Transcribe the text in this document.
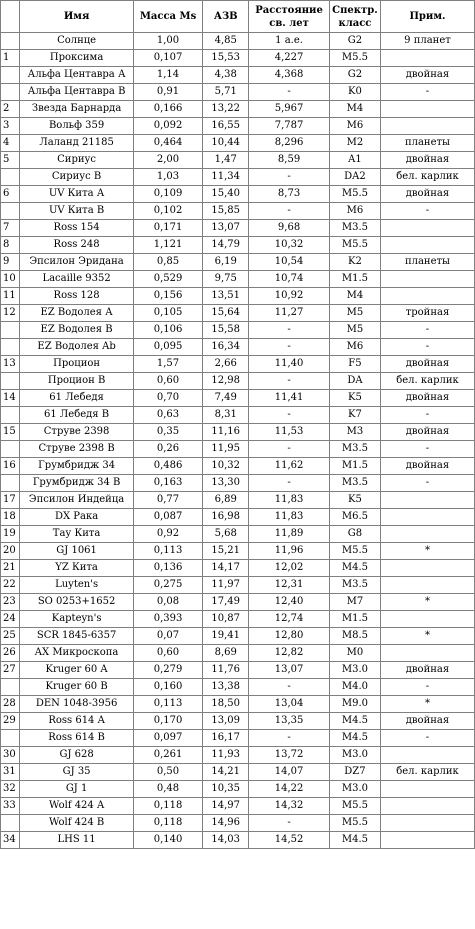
	Имя	Масса Ms	АЗВ	Расстояние св. лет	Спектр. класс	Прим.
	Солнце	1,00	4,85	1 а.е.	G2	9 планет
1	Проксима	0,107	15,53	4,227	M5.5	
	Альфа Центавра А	1,14	4,38	4,368	G2	двойная
	Альфа Центавра В	0,91	5,71	-	K0	-
2	Звезда Барнарда	0,166	13,22	5,967	M4	
3	Вольф 359	0,092	16,55	7,787	M6	
4	Лаланд 21185	0,464	10,44	8,296	M2	планеты
5	Сириус	2,00	1,47	8,59	A1	двойная
	Сириус В	1,03	11,34	-	DA2	бел. карлик
6	UV Кита А	0,109	15,40	8,73	M5.5	двойная
	UV Кита В	0,102	15,85	-	M6	-
7	Ross 154	0,171	13,07	9,68	M3.5	
8	Ross 248	1,121	14,79	10,32	M5.5	
9	Эпсилон Эридана	0,85	6,19	10,54	K2	планеты
10	Lacaille 9352	0,529	9,75	10,74	M1.5	
11	Ross 128	0,156	13,51	10,92	M4	
12	EZ Водолея А	0,105	15,64	11,27	M5	тройная
	EZ Водолея В	0,106	15,58	-	M5	-
	EZ Водолея Ab	0,095	16,34	-	M6	-
13	Процион	1,57	2,66	11,40	F5	двойная
	Процион В	0,60	12,98	-	DA	бел. карлик
14	61 Лебедя	0,70	7,49	11,41	K5	двойная
	61 Лебедя В	0,63	8,31	-	K7	-
15	Струве 2398	0,35	11,16	11,53	M3	двойная
	Струве 2398 В	0,26	11,95	-	M3.5	-
16	Грумбридж 34	0,486	10,32	11,62	M1.5	двойная
	Грумбридж 34 В	0,163	13,30	-	M3.5	-
17	Эпсилон Индейца	0,77	6,89	11,83	K5	
18	DX Рака	0,087	16,98	11,83	M6.5	
19	Тау Кита	0,92	5,68	11,89	G8	
20	GJ 1061	0,113	15,21	11,96	M5.5	*
21	YZ Кита	0,136	14,17	12,02	M4.5	
22	Luyten's	0,275	11,97	12,31	M3.5	
23	SO 0253+1652	0,08	17,49	12,40	M7	*
24	Kapteyn's	0,393	10,87	12,74	M1.5	
25	SCR 1845-6357	0,07	19,41	12,80	M8.5	*
26	AX Микроскопа	0,60	8,69	12,82	M0	
27	Kruger 60 A	0,279	11,76	13,07	M3.0	двойная
	Kruger 60 B	0,160	13,38	-	M4.0	-
28	DEN 1048-3956	0,113	18,50	13,04	M9.0	*
29	Ross 614 A	0,170	13,09	13,35	M4.5	двойная
	Ross 614 B	0,097	16,17	-	M4.5	-
30	GJ 628	0,261	11,93	13,72	M3.0	
31	GJ 35	0,50	14,21	14,07	DZ7	бел. карлик
32	GJ 1	0,48	10,35	14,22	M3.0	
33	Wolf 424 A	0,118	14,97	14,32	M5.5	
	Wolf 424 B	0,118	14,96	-	M5.5	
34	LHS 11	0,140	14,03	14,52	M4.5	
